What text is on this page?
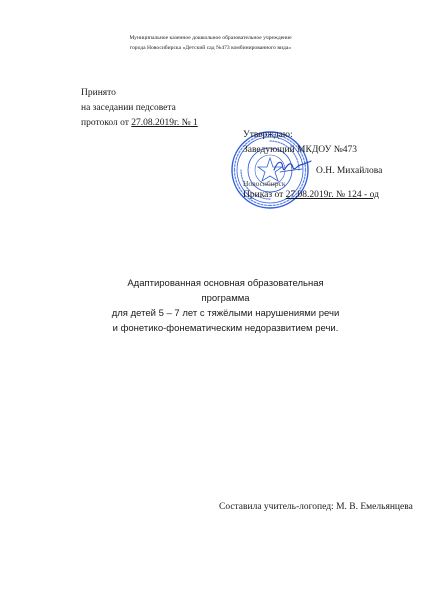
Муниципальное казенное дошкольное образовательное учреждение
города Новосибирска «Детский сад №473 комбинированного вида»
Принято
на заседании педсовета
протокол от 27.08.2019г. № 1
Утверждаю:
Заведующий МКДОУ №473
О.Н. Михайлова
Новосибирск
Приказ от 27.08.2019г. № 124 - од
Адаптированная основная образовательная
программа
для детей 5 – 7 лет с тяжёлыми нарушениями речи
и фонетико-фонематическим недоразвитием речи.
Составила учитель-логопед: М. В. Емельянцева
